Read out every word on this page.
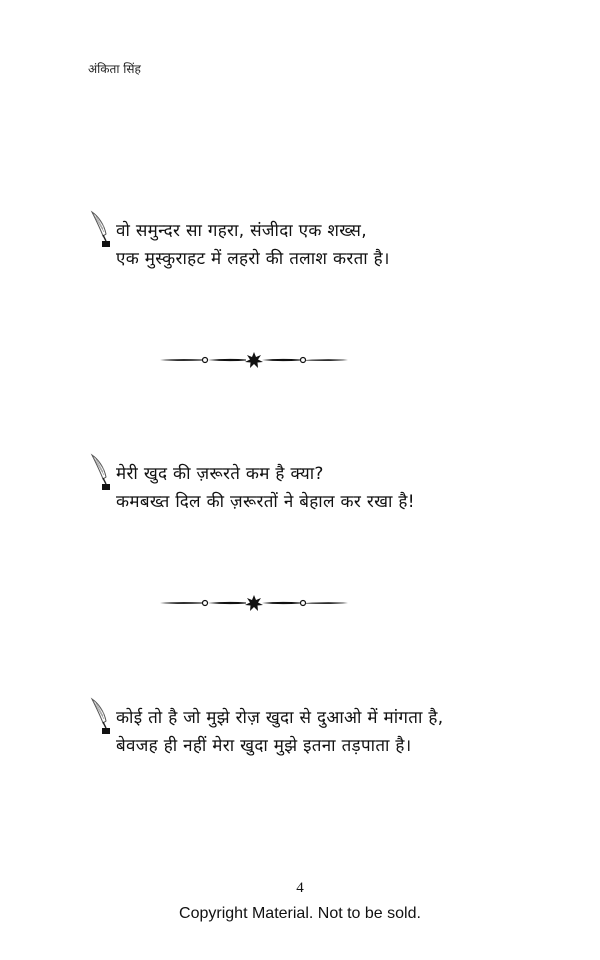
अंकिता सिंह
वो समुन्दर सा गहरा, संजीदा एक शख्स,
एक मुस्कुराहट में लहरो की तलाश करता है।
मेरी खुद की ज़रूरते कम है क्या?
कमबख्त दिल की ज़रूरतों ने बेहाल कर रखा है!
कोई तो है जो मुझे रोज़ खुदा से दुआओ में मांगता है,
बेवजह ही नहीं मेरा खुदा मुझे इतना तड़पाता है।
4
Copyright Material. Not to be sold.
